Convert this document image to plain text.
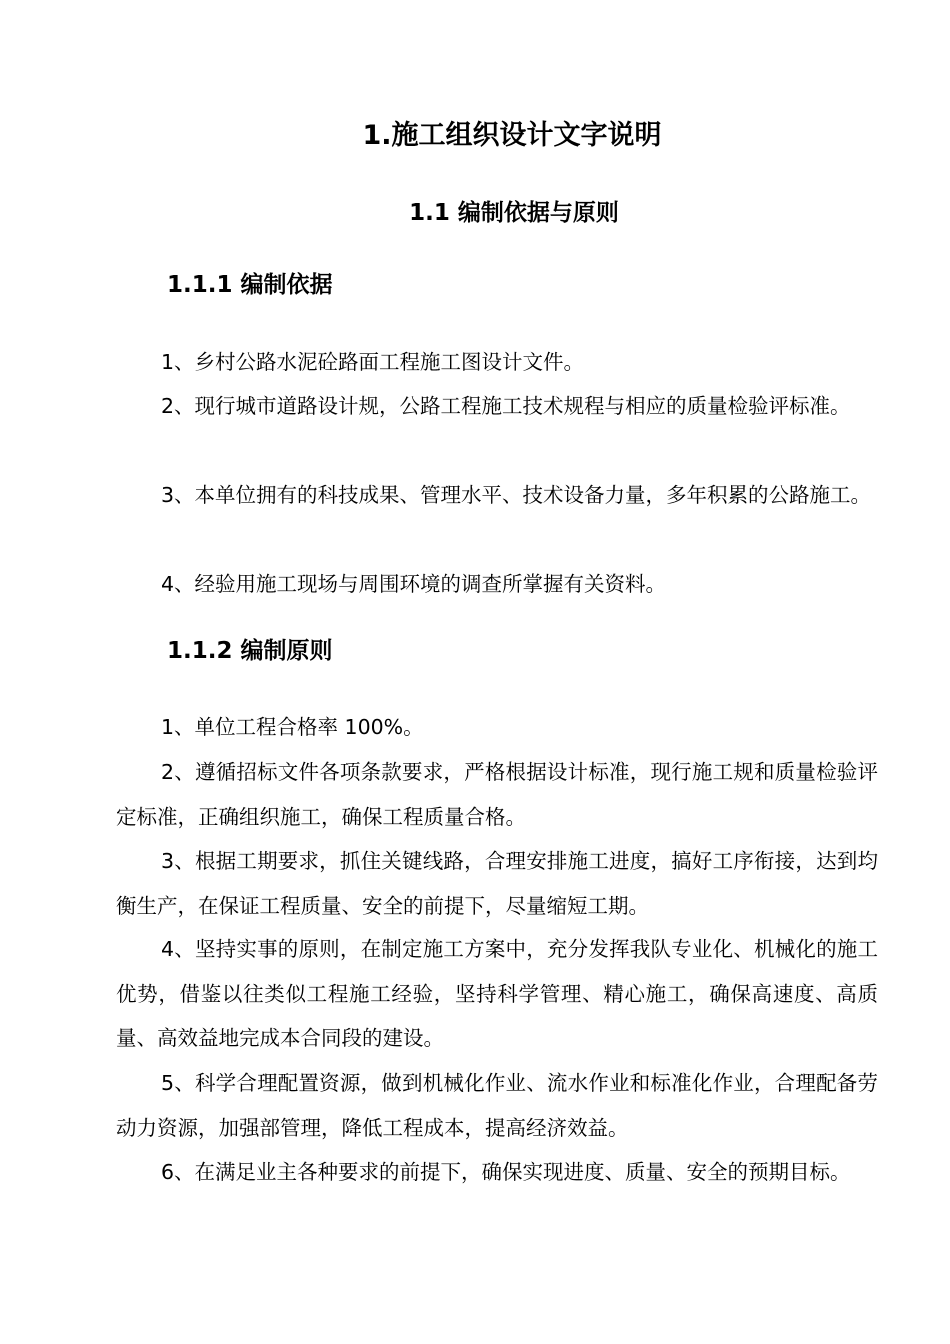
1.施工组织设计文字说明
1.1 编制依据与原则
1.1.1 编制依据

1、乡村公路水泥砼路面工程施工图设计文件。

2、现行城市道路设计规，公路工程施工技术规程与相应的质量检验评标准。

3、本单位拥有的科技成果、管理水平、技术设备力量，多年积累的公路施工。

4、经验用施工现场与周围环境的调查所掌握有关资料。

1.1.2 编制原则

1、单位工程合格率 100%。

2、遵循招标文件各项条款要求，严格根据设计标准，现行施工规和质量检验评定标准，正确组织施工，确保工程质量合格。

3、根据工期要求，抓住关键线路，合理安排施工进度，搞好工序衔接，达到均衡生产，在保证工程质量、安全的前提下，尽量缩短工期。

4、坚持实事的原则，在制定施工方案中，充分发挥我队专业化、机械化的施工优势，借鉴以往类似工程施工经验，坚持科学管理、精心施工，确保高速度、高质量、高效益地完成本合同段的建设。

5、科学合理配置资源，做到机械化作业、流水作业和标准化作业，合理配备劳动力资源，加强部管理，降低工程成本，提高经济效益。

6、在满足业主各种要求的前提下，确保实现进度、质量、安全的预期目标。
